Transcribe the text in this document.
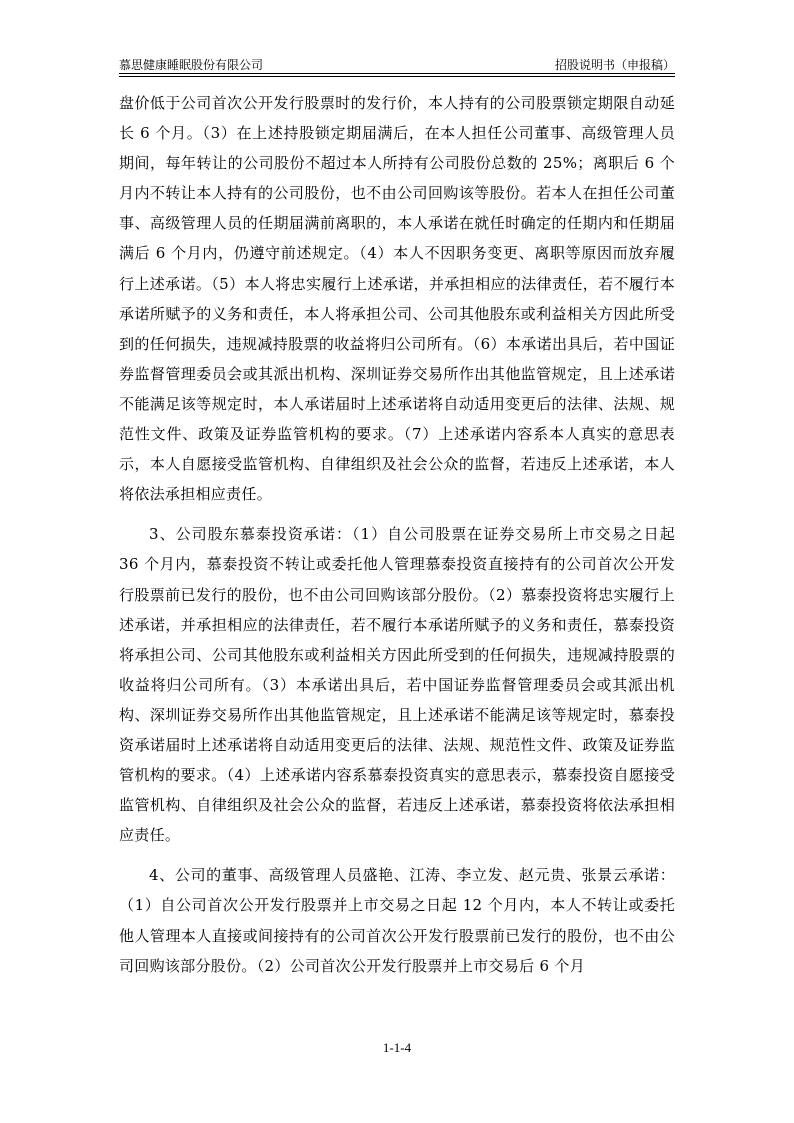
慕思健康睡眠股份有限公司	招股说明书（申报稿）

盘价低于公司首次公开发行股票时的发行价，本人持有的公司股票锁定期限自动延长 6 个月。（3）在上述持股锁定期届满后，在本人担任公司董事、高级管理人员期间，每年转让的公司股份不超过本人所持有公司股份总数的 25%；离职后 6 个月内不转让本人持有的公司股份，也不由公司回购该等股份。若本人在担任公司董事、高级管理人员的任期届满前离职的，本人承诺在就任时确定的任期内和任期届满后 6 个月内，仍遵守前述规定。（4）本人不因职务变更、离职等原因而放弃履行上述承诺。（5）本人将忠实履行上述承诺，并承担相应的法律责任，若不履行本承诺所赋予的义务和责任，本人将承担公司、公司其他股东或利益相关方因此所受到的任何损失，违规减持股票的收益将归公司所有。（6）本承诺出具后，若中国证券监督管理委员会或其派出机构、深圳证券交易所作出其他监管规定，且上述承诺不能满足该等规定时，本人承诺届时上述承诺将自动适用变更后的法律、法规、规范性文件、政策及证券监管机构的要求。（7）上述承诺内容系本人真实的意思表示，本人自愿接受监管机构、自律组织及社会公众的监督，若违反上述承诺，本人将依法承担相应责任。

3、公司股东慕泰投资承诺：（1）自公司股票在证券交易所上市交易之日起 36 个月内，慕泰投资不转让或委托他人管理慕泰投资直接持有的公司首次公开发行股票前已发行的股份，也不由公司回购该部分股份。（2）慕泰投资将忠实履行上述承诺，并承担相应的法律责任，若不履行本承诺所赋予的义务和责任，慕泰投资将承担公司、公司其他股东或利益相关方因此所受到的任何损失，违规减持股票的收益将归公司所有。（3）本承诺出具后，若中国证券监督管理委员会或其派出机构、深圳证券交易所作出其他监管规定，且上述承诺不能满足该等规定时，慕泰投资承诺届时上述承诺将自动适用变更后的法律、法规、规范性文件、政策及证券监管机构的要求。（4）上述承诺内容系慕泰投资真实的意思表示，慕泰投资自愿接受监管机构、自律组织及社会公众的监督，若违反上述承诺，慕泰投资将依法承担相应责任。

4、公司的董事、高级管理人员盛艳、江涛、李立发、赵元贵、张景云承诺：（1）自公司首次公开发行股票并上市交易之日起 12 个月内，本人不转让或委托他人管理本人直接或间接持有的公司首次公开发行股票前已发行的股份，也不由公司回购该部分股份。（2）公司首次公开发行股票并上市交易后 6 个月

1-1-4
